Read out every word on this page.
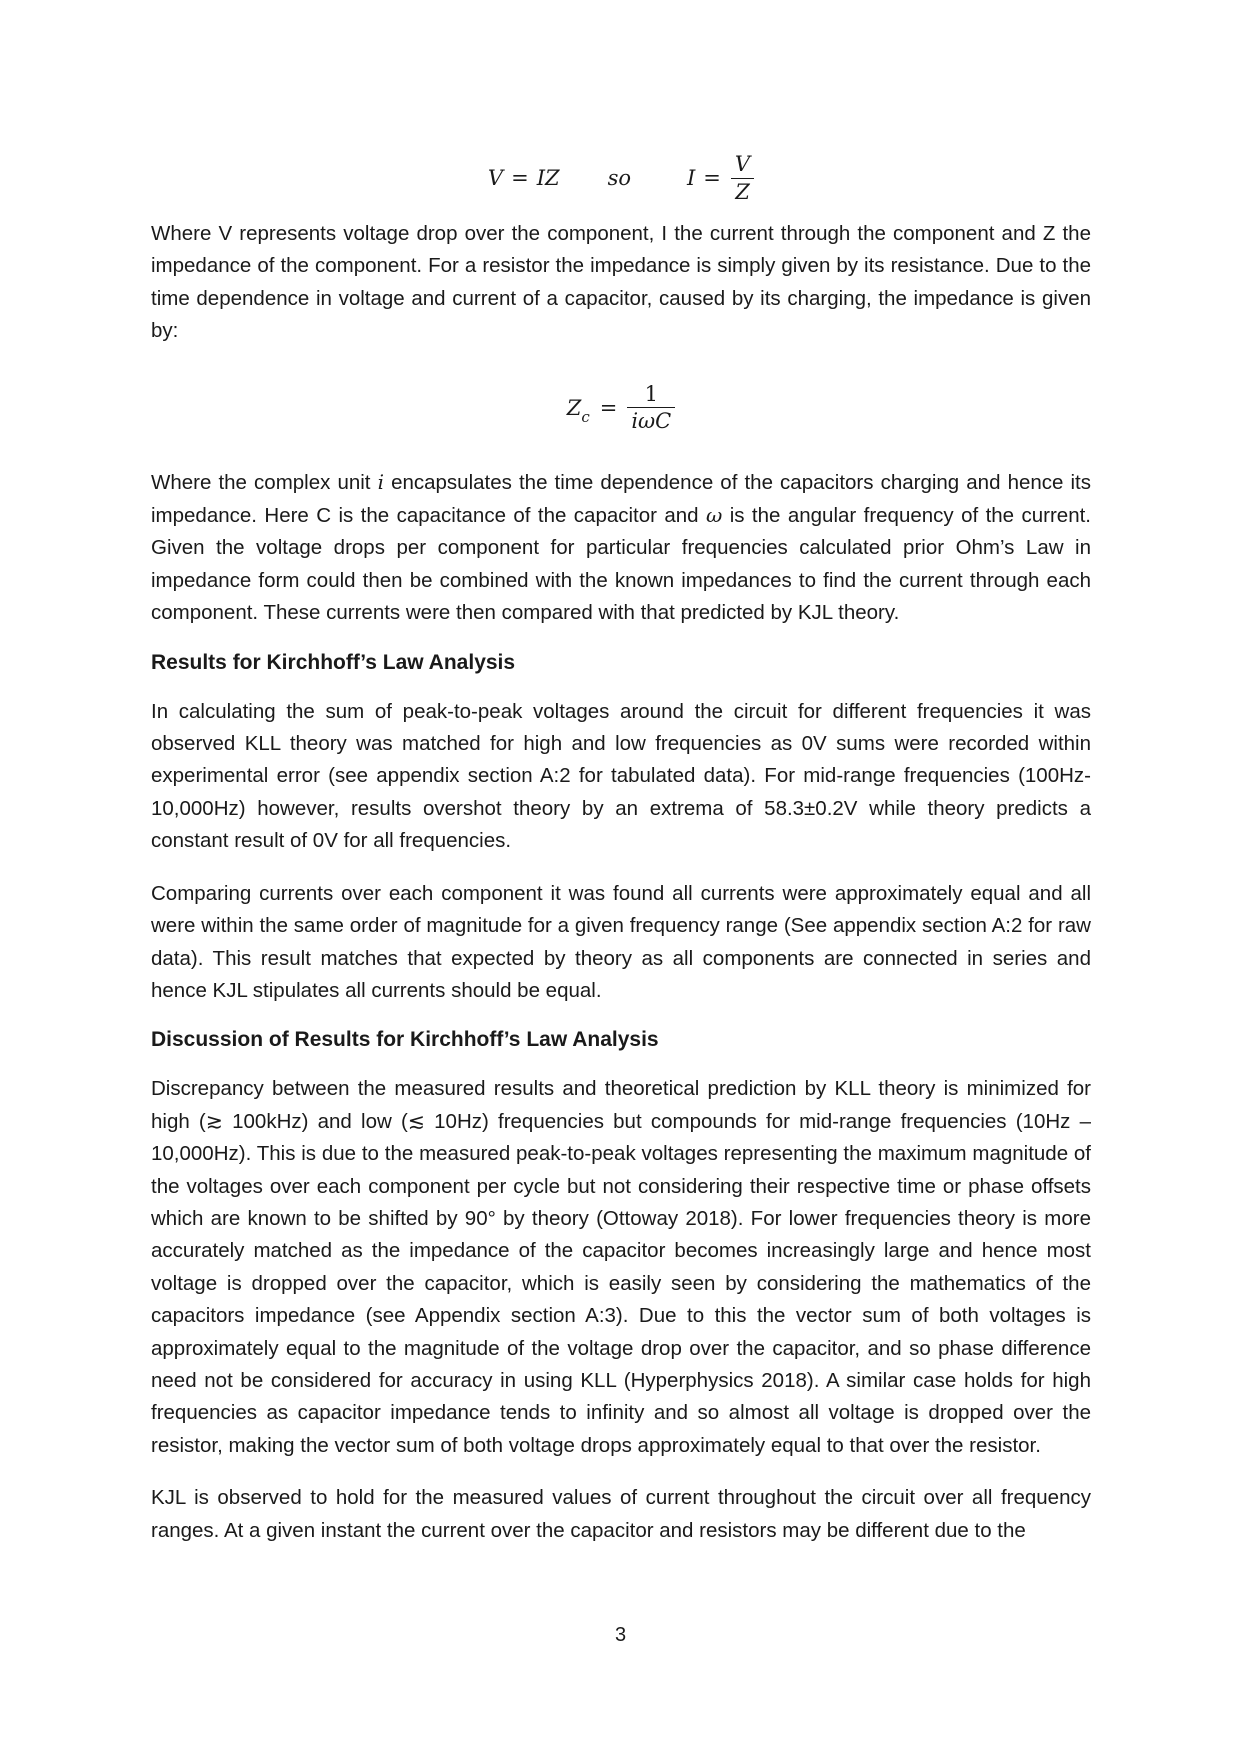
V = IZ so	$I = \frac{V}{Z}$

Where V represents voltage drop over the component, I the current through the component and Z the impedance of the component. For a resistor the impedance is simply given by its resistance. Due to the time dependence in voltage and current of a capacitor, caused by its charging, the impedance is given by:

$Z_c = \frac{1}{\text{iωC}}$

Where the complex unit i encapsulates the time dependence of the capacitors charging and hence its impedance. Here C is the capacitance of the capacitor and ω is the angular frequency of the current. Given the voltage drops per component for particular frequencies calculated prior Ohm’s Law in impedance form could then be combined with the known impedances to find the current through each component. These currents were then compared with that predicted by KJL theory.

Results for Kirchhoff’s Law Analysis

In calculating the sum of peak-to-peak voltages around the circuit for different frequencies it was observed KLL theory was matched for high and low frequencies as 0V sums were recorded within experimental error (see appendix section A:2 for tabulated data). For mid-range frequencies (100Hz-10,000Hz) however, results overshot theory by an extrema of 58.3±0.2V while theory predicts a constant result of 0V for all frequencies.

Comparing currents over each component it was found all currents were approximately equal and all were within the same order of magnitude for a given frequency range (See appendix section A:2 for raw data). This result matches that expected by theory as all components are connected in series and hence KJL stipulates all currents should be equal.

Discussion of Results for Kirchhoff’s Law Analysis

Discrepancy between the measured results and theoretical prediction by KLL theory is minimized for high (≳ 100kHz) and low (≲ 10Hz) frequencies but compounds for mid-range frequencies (10Hz – 10,000Hz). This is due to the measured peak-to-peak voltages representing the maximum magnitude of the voltages over each component per cycle but not considering their respective time or phase offsets which are known to be shifted by 90° by theory (Ottoway 2018). For lower frequencies theory is more accurately matched as the impedance of the capacitor becomes increasingly large and hence most voltage is dropped over the capacitor, which is easily seen by considering the mathematics of the capacitors impedance (see Appendix section A:3). Due to this the vector sum of both voltages is approximately equal to the magnitude of the voltage drop over the capacitor, and so phase difference need not be considered for accuracy in using KLL (Hyperphysics 2018). A similar case holds for high frequencies as capacitor impedance tends to infinity and so almost all voltage is dropped over the resistor, making the vector sum of both voltage drops approximately equal to that over the resistor.

KJL is observed to hold for the measured values of current throughout the circuit over all frequency ranges. At a given instant the current over the capacitor and resistors may be different due to the

3
